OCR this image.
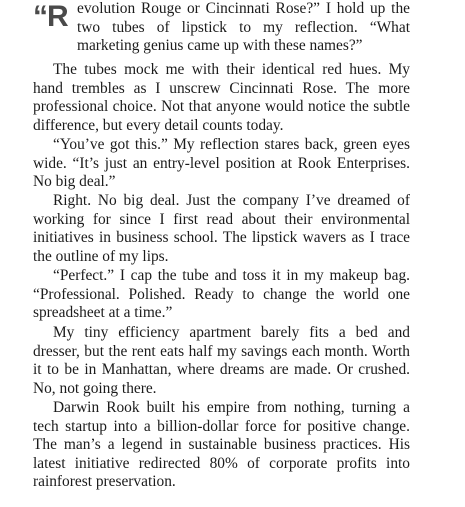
“R evolution Rouge or Cincinnati Rose?” I hold up the
two tubes of lipstick to my reflection. “What marketing genius came up with these names?”

The tubes mock me with their identical red hues. My hand trembles as I unscrew Cincinnati Rose. The more professional choice. Not that anyone would notice the subtle difference, but every detail counts today.

“You’ve got this.” My reflection stares back, green eyes wide. “It’s just an entry-level position at Rook Enterprises. No big deal.”

Right. No big deal. Just the company I’ve dreamed of working for since I first read about their environmental initiatives in business school. The lipstick wavers as I trace the outline of my lips.

“Perfect.” I cap the tube and toss it in my makeup bag. “Professional. Polished. Ready to change the world one spreadsheet at a time.”

My tiny efficiency apartment barely fits a bed and dresser, but the rent eats half my savings each month. Worth it to be in Manhattan, where dreams are made. Or crushed. No, not going there.

Darwin Rook built his empire from nothing, turning a tech startup into a billion-dollar force for positive change. The man’s a legend in sustainable business practices. His latest initiative redirected 80% of corporate profits into rainforest preservation.
